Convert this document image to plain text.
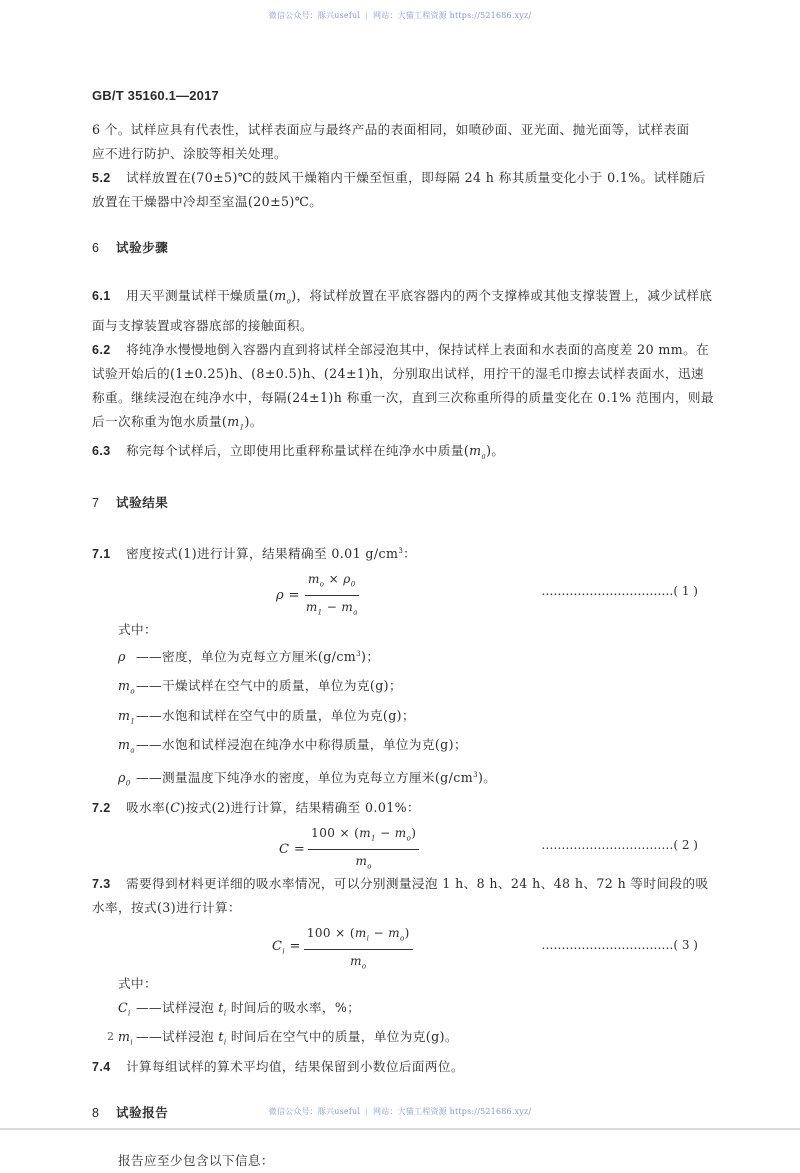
微信公众号：豚兴useful | 网站：大猫工程资源 https://521686.xyz/
GB/T 35160.1—2017

6 个。试样应具有代表性，试样表面应与最终产品的表面相同，如喷砂面、亚光面、抛光面等，试样表面
应不进行防护、涂胶等相关处理。

5.2 试样放置在(70±5)℃的鼓风干燥箱内干燥至恒重，即每隔 24 h 称其质量变化小于 0.1%。试样随后放置在干燥器中冷却至室温(20±5)℃。

6 试验步骤

6.1 用天平测量试样干燥质量$(m_o)$，将试样放置在平底容器内的两个支撑棒或其他支撑装置上，减少试样底面与支撑装置或容器底部的接触面积。

6.2 将纯净水慢慢地倒入容器内直到将试样全部浸泡其中，保持试样上表面和水表面的高度差 20 mm。在试验开始后的(1±0.25)h、(8±0.5)h、(24±1)h，分别取出试样，用拧干的湿毛巾擦去试样表面水，迅速称重。继续浸泡在纯净水中，每隔(24±1)h 称重一次，直到三次称重所得的质量变化在 0.1% 范围内，则最后一次称重为饱水质量$(m_1)$。

6.3 称完每个试样后，立即使用比重秤称量试样在纯净水中质量$(m_a)$。

7 试验结果

7.1 密度按式(1)进行计算，结果精确至 0.01 $g/cm^3$：

$\rho = \frac{m_o \times \rho_0}{m_1 - m_a}$	……………………………( 1 )
式中：
ρ ——密度，单位为克每立方厘米$(g/cm^3)$；
$m_o——$干燥试样在空气中的质量，单位为克(g)；
$m_1——$水饱和试样在空气中的质量，单位为克(g)；
$m_a——$水饱和试样浸泡在纯净水中称得质量，单位为克(g)；
$\rho_0$ ——测量温度下纯净水的密度，单位为克每立方厘米$(g/cm^3)$。

7.2 吸水率(C)按式(2)进行计算，结果精确至 0.01%：

$C = \frac{100 \times (m_1 - m_o)}{m_o}$	……………………………( 2 )

7.3 需要得到材料更详细的吸水率情况，可以分别测量浸泡 1 h、8 h、24 h、48 h、72 h 等时间段的吸水率，按式(3)进行计算：

$C_i = \frac{100 \times (m_i - m_o)}{m_o}$	……………………………( 3 )
式中：
$C_i$ ——试样浸泡 $t_i$ 时间后的吸水率，%；
$m_i$ ——试样浸泡 $t_i$ 时间后在空气中的质量，单位为克(g)。

7.4 计算每组试样的算术平均值，结果保留到小数位后面两位。

8 试验报告
报告应至少包含以下信息：
2
微信公众号：豚兴useful | 网站：大猫工程资源 https://521686.xyz/
